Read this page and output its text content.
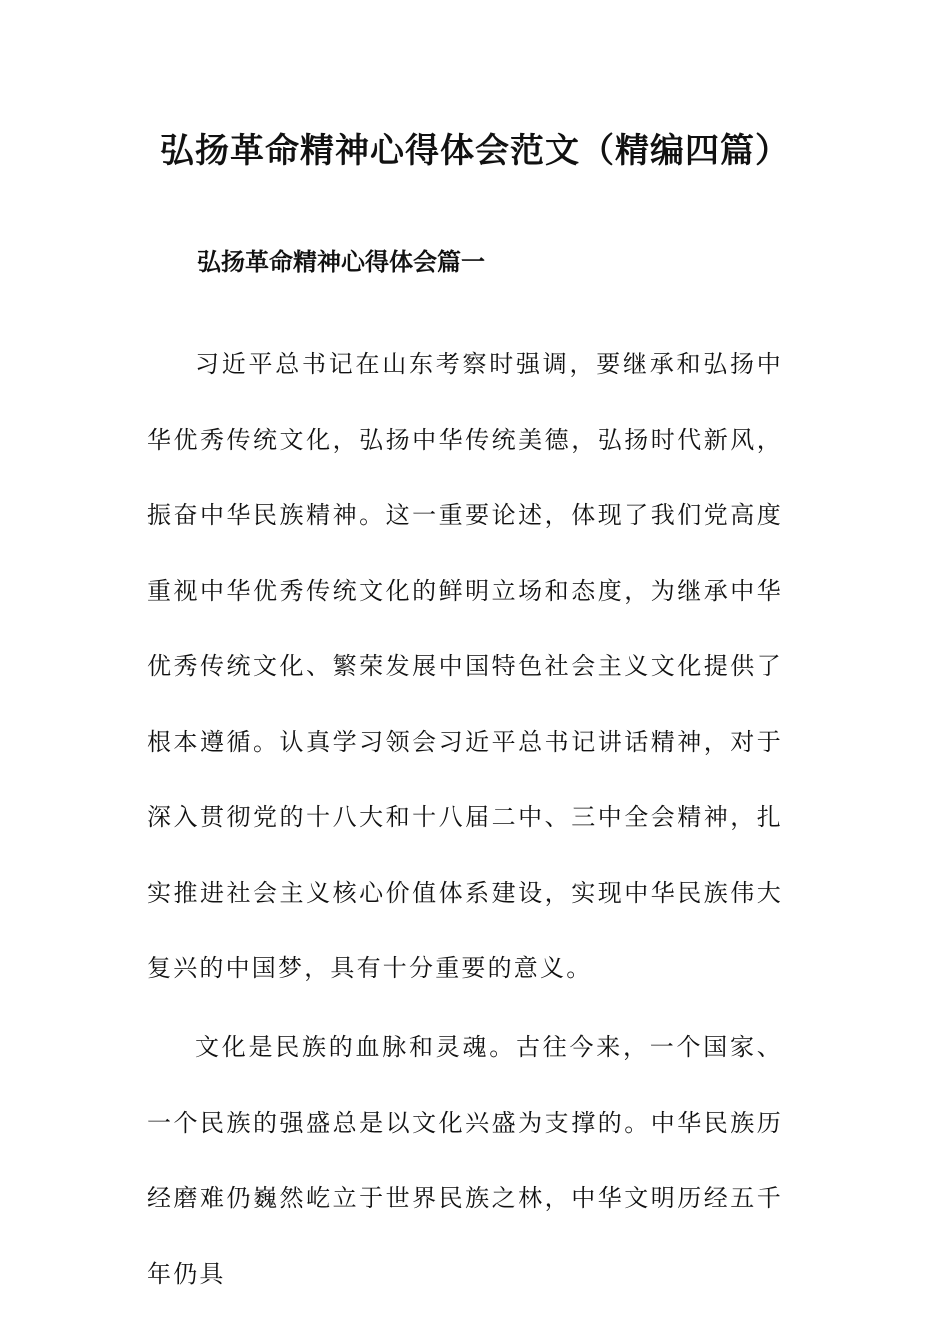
弘扬革命精神心得体会范文（精编四篇）
弘扬革命精神心得体会篇一

习近平总书记在山东考察时强调，要继承和弘扬中华优秀传统文化，弘扬中华传统美德，弘扬时代新风，振奋中华民族精神。这一重要论述，体现了我们党高度重视中华优秀传统文化的鲜明立场和态度，为继承中华优秀传统文化、繁荣发展中国特色社会主义文化提供了根本遵循。认真学习领会习近平总书记讲话精神，对于深入贯彻党的十八大和十八届二中、三中全会精神，扎实推进社会主义核心价值体系建设，实现中华民族伟大复兴的中国梦，具有十分重要的意义。

文化是民族的血脉和灵魂。古往今来，一个国家、一个民族的强盛总是以文化兴盛为支撑的。中华民族历经磨难仍巍然屹立于世界民族之林，中华文明历经五千年仍具
